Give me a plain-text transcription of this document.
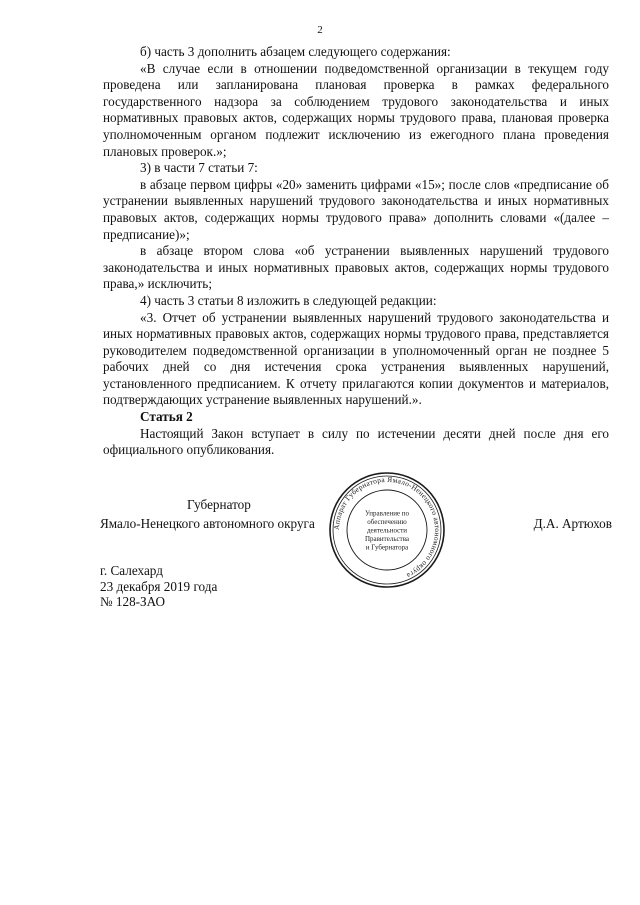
2

б) часть 3 дополнить абзацем следующего содержания:

«В случае если в отношении подведомственной организации в текущем году проведена или запланирована плановая проверка в рамках федерального государственного надзора за соблюдением трудового законодательства и иных нормативных правовых актов, содержащих нормы трудового права, плановая проверка уполномоченным органом подлежит исключению из ежегодного плана проведения плановых проверок.»;

3) в части 7 статьи 7:

в абзаце первом цифры «20» заменить цифрами «15»; после слов «предписание об устранении выявленных нарушений трудового законодательства и иных нормативных правовых актов, содержащих нормы трудового права» дополнить словами «(далее – предписание)»;

в абзаце втором слова «об устранении выявленных нарушений трудового законодательства и иных нормативных правовых актов, содержащих нормы трудового права,» исключить;

4) часть 3 статьи 8 изложить в следующей редакции:

«3. Отчет об устранении выявленных нарушений трудового законодательства и иных нормативных правовых актов, содержащих нормы трудового права, представляется руководителем подведомственной организации в уполномоченный орган не позднее 5 рабочих дней со дня истечения срока устранения выявленных нарушений, установленного предписанием. К отчету прилагаются копии документов и материалов, подтверждающих устранение выявленных нарушений.».

Статья 2

Настоящий Закон вступает в силу по истечении десяти дней после дня его официального опубликования.

Губернатор
Ямало-Ненецкого автономного округа	Д.А. Артюхов
Аппарат Губернатора Ямало-Ненецкого автономного округа
Управление по
обеспечению
деятельности
Правительства
и Губернатора
г. Салехард
23 декабря 2019 года
№ 128-ЗАО
